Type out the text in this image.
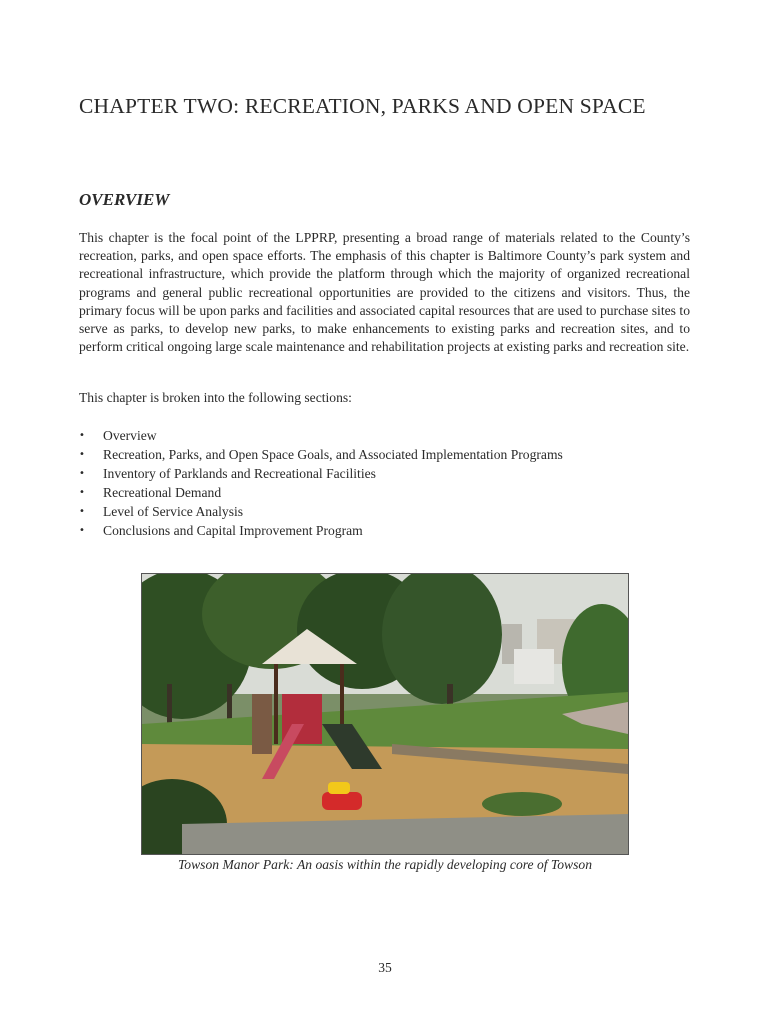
CHAPTER TWO: RECREATION, PARKS AND OPEN SPACE
OVERVIEW

This chapter is the focal point of the LPPRP, presenting a broad range of materials related to the County’s recreation, parks, and open space efforts. The emphasis of this chapter is Baltimore County’s park system and recreational infrastructure, which provide the platform through which the majority of organized recreational programs and general public recreational opportunities are provided to the citizens and visitors. Thus, the primary focus will be upon parks and facilities and associated capital resources that are used to purchase sites to serve as parks, to develop new parks, to make enhancements to existing parks and recreation sites, and to perform critical ongoing large scale maintenance and rehabilitation projects at existing parks and recreation site.

This chapter is broken into the following sections:

• Overview
• Recreation, Parks, and Open Space Goals, and Associated Implementation Programs
• Inventory of Parklands and Recreational Facilities
• Recreational Demand
• Level of Service Analysis
• Conclusions and Capital Improvement Program
Towson Manor Park: An oasis within the rapidly developing core of Towson
35
